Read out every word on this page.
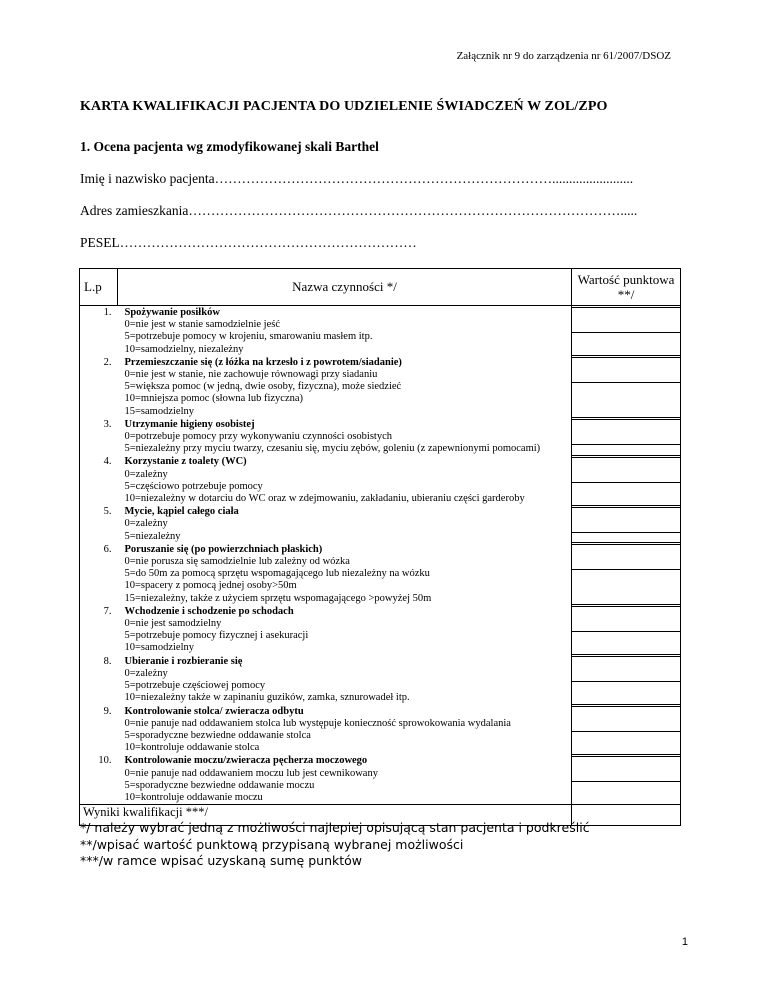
Załącznik nr 9 do zarządzenia nr 61/2007/DSOZ
KARTA KWALIFIKACJI PACJENTA DO UDZIELENIE ŚWIADCZEŃ W ZOL/ZPO
1. Ocena pacjenta wg zmodyfikowanej skali Barthel
Imię i nazwisko pacjenta…………………………………………………………………........................
Adres zamieszkania…………………………………………………………………………………….....
PESEL…………………………………………………………
L.p	Nazwa czynności */	Wartość punktowa **/
1.	Spożywanie posiłków
0=nie jest w stanie samodzielnie jeść
5=potrzebuje pomocy w krojeniu, smarowaniu masłem itp.
10=samodzielny, niezależny	

2.	Przemieszczanie się (z łóżka na krzesło i z powrotem/siadanie)
0=nie jest w stanie, nie zachowuje równowagi przy siadaniu
5=większa pomoc (w jedną, dwie osoby, fizyczna), może siedzieć
10=mniejsza pomoc (słowna lub fizyczna)
15=samodzielny	

3.	Utrzymanie higieny osobistej
0=potrzebuje pomocy przy wykonywaniu czynności osobistych
5=niezależny przy myciu twarzy, czesaniu się, myciu zębów, goleniu (z zapewnionymi pomocami)	

4.	Korzystanie z toalety (WC)
0=zależny
5=częściowo potrzebuje pomocy
10=niezależny w dotarciu do WC oraz w zdejmowaniu, zakładaniu, ubieraniu części garderoby	

5.	Mycie, kąpiel całego ciała
0=zależny
5=niezależny	

6.	Poruszanie się (po powierzchniach płaskich)
0=nie porusza się samodzielnie lub zależny od wózka
5=do 50m za pomocą sprzętu wspomagającego lub niezależny na wózku
10=spacery z pomocą jednej osoby>50m
15=niezależny, także z użyciem sprzętu wspomagającego >powyżej 50m	

7.	Wchodzenie i schodzenie po schodach
0=nie jest samodzielny
5=potrzebuje pomocy fizycznej i asekuracji
10=samodzielny	

8.	Ubieranie i rozbieranie się
0=zależny
5=potrzebuje częściowej pomocy
10=niezależny także w zapinaniu guzików, zamka, sznurowadeł itp.	

9.	Kontrolowanie stolca/ zwieracza odbytu
0=nie panuje nad oddawaniem stolca lub występuje konieczność sprowokowania wydalania
5=sporadyczne bezwiedne oddawanie stolca
10=kontroluje oddawanie stolca	

10.	Kontrolowanie moczu/zwieracza pęcherza moczowego
0=nie panuje nad oddawaniem moczu lub jest cewnikowany
5=sporadyczne bezwiedne oddawanie moczu
10=kontroluje oddawanie moczu	

Wyniki kwalifikacji ***/		
*/ należy wybrać jedną z możliwości najlepiej opisującą stan pacjenta i podkreślić
**/wpisać wartość punktową przypisaną wybranej możliwości
***/w ramce wpisać uzyskaną sumę punktów
1
